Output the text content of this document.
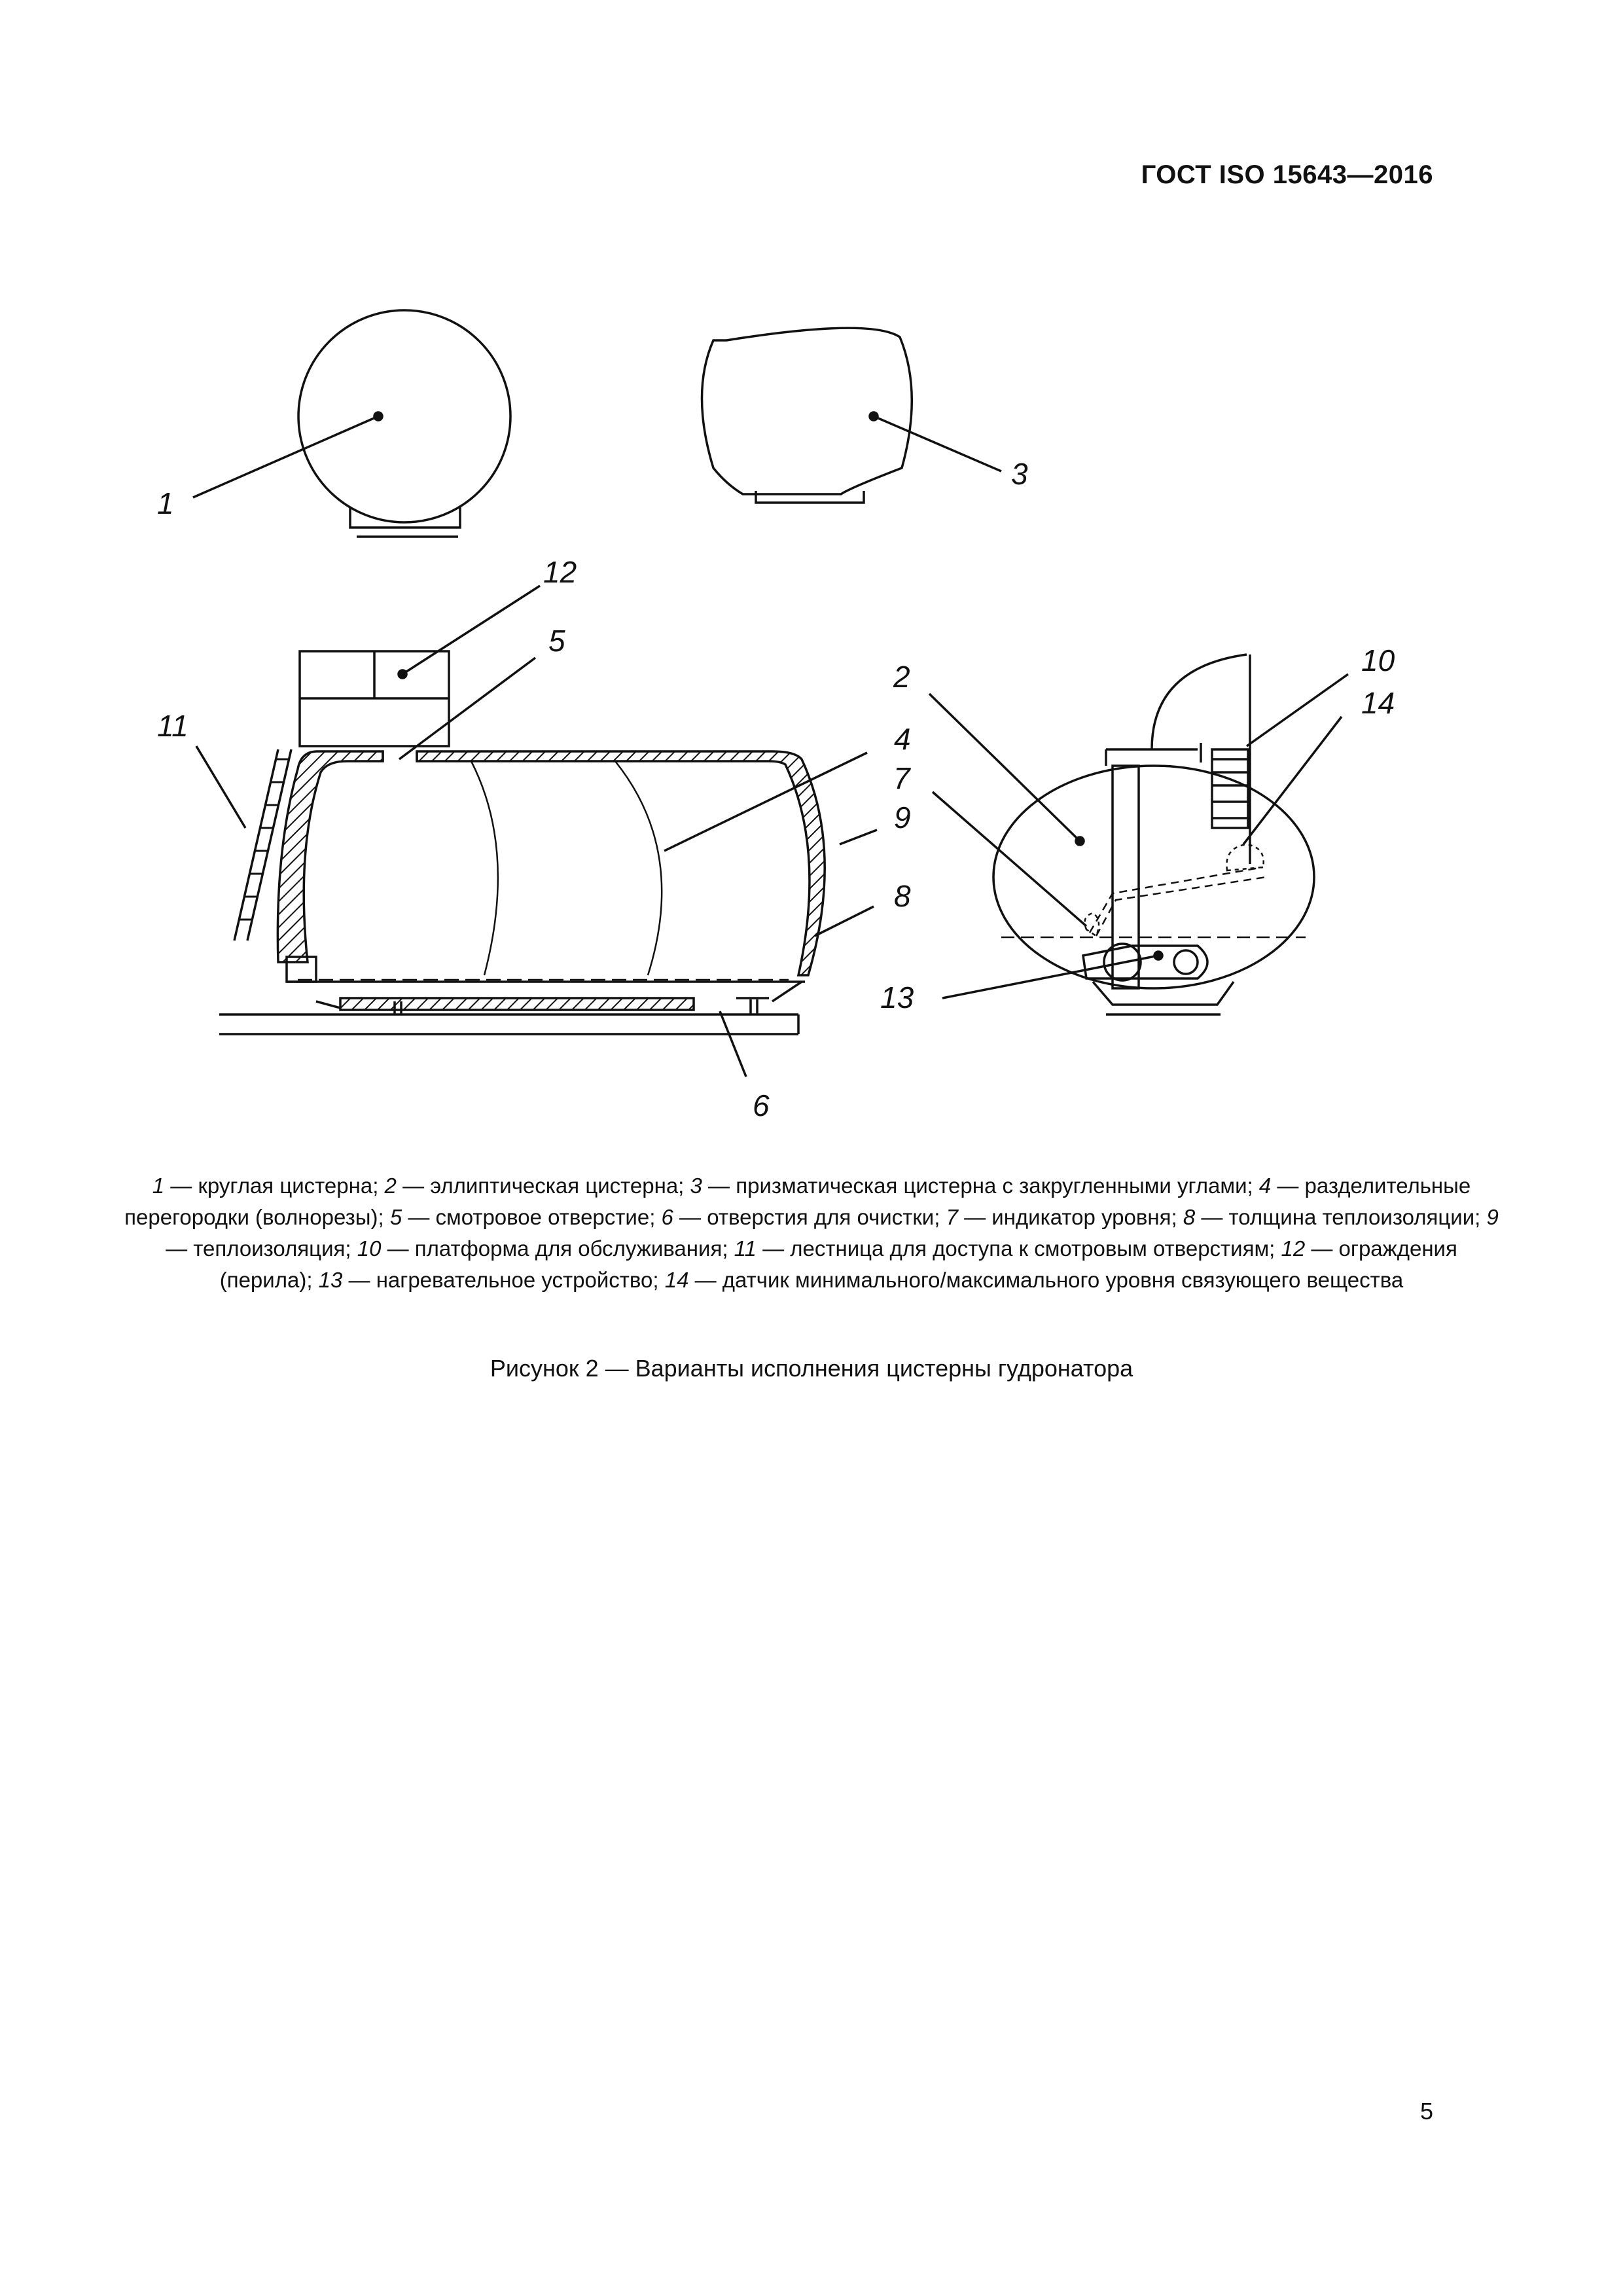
ГОСТ ISO 15643—2016
1
3
12
5
11	4
9
8
6
2
7
13
10
14
1 — круглая цистерна; 2 — эллиптическая цистерна; 3 — призматическая цистерна с закругленными углами; 4 — разделительные перегородки (волнорезы); 5 — смотровое отверстие; 6 — отверстия для очистки; 7 — индикатор уровня; 8 — толщина теплоизоляции; 9 — теплоизоляция; 10 — платформа для обслуживания; 11 — лестница для доступа к смотровым отверстиям; 12 — ограждения (перила); 13 — нагревательное устройство; 14 — датчик минимального/максимального уровня связующего вещества
Рисунок 2 — Варианты исполнения цистерны гудронатора
5
